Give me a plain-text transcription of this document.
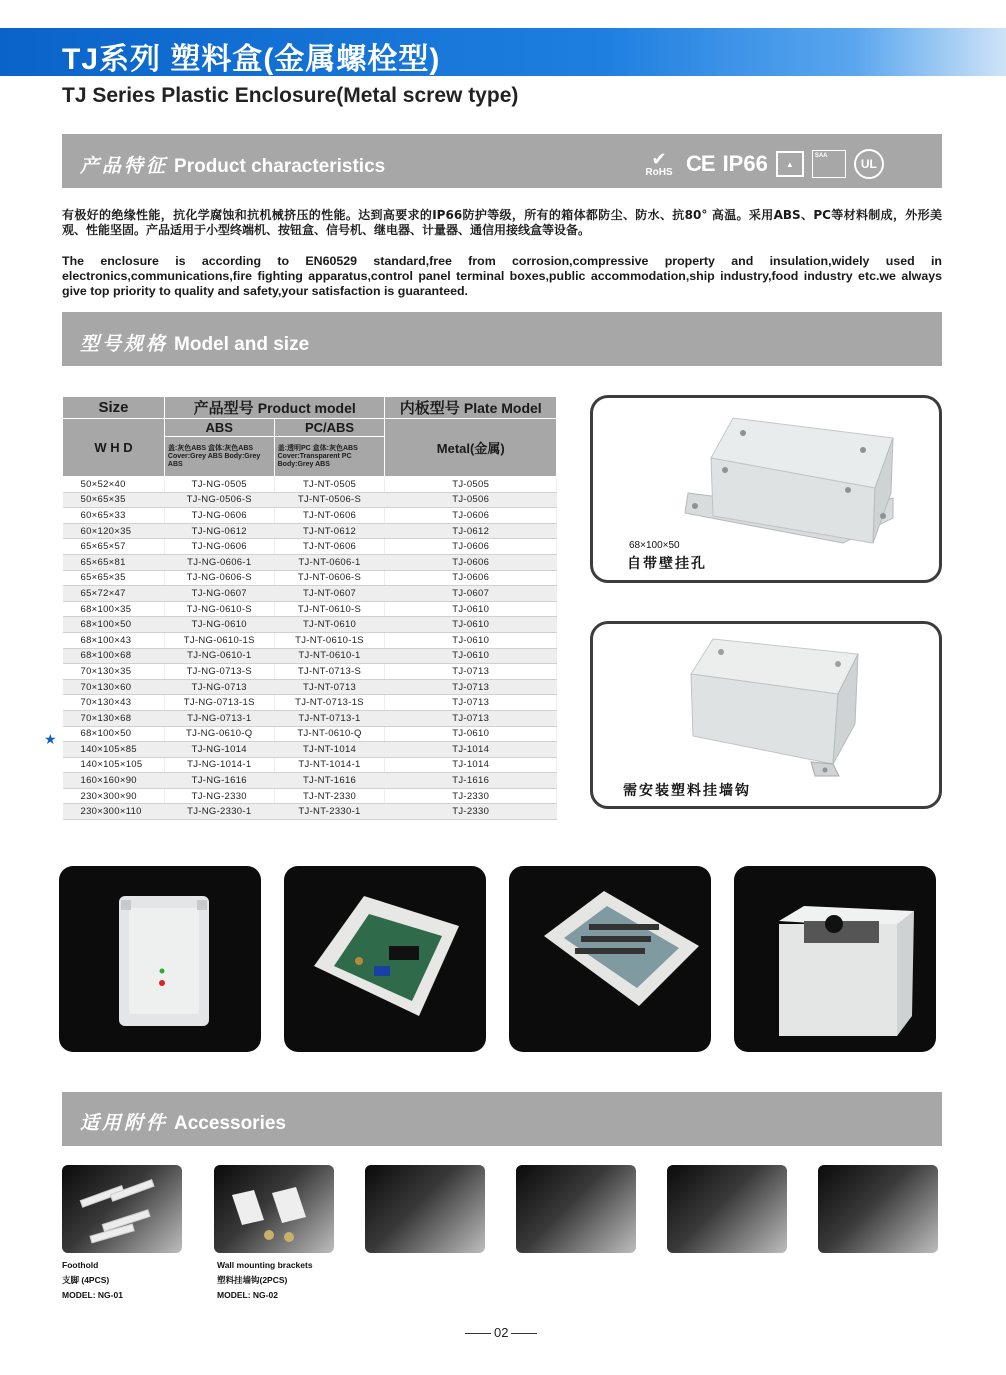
TJ系列 塑料盒(金属螺栓型)
TJ Series Plastic Enclosure(Metal screw type)
产品特征 Product characteristics	✔
RoHS CE IP66	▲
SAA
UL
有极好的绝缘性能，抗化学腐蚀和抗机械挤压的性能。达到高要求的IP66防护等级，所有的箱体都防尘、防水、抗80° 高温。采用ABS、PC等材料制成，外形美观、性能坚固。产品适用于小型终端机、按钮盒、信号机、继电器、计量器、通信用接线盒等设备。
The enclosure is according to EN60529 standard,free from corrosion,compressive property and insulation,widely used in electronics,communications,fire fighting apparatus,control panel terminal boxes,public accommodation,ship industry,food industry etc.we always give top priority to quality and safety,your satisfaction is guaranteed.
型号规格 Model and size
Size	产品型号 Product model		内板型号 Plate Model
W H D	ABS	PC/ABS	Metal(金属)
	盖:灰色ABS 盒体:灰色ABS Cover:Grey ABS Body:Grey ABS	盖:透明PC 盒体:灰色ABS Cover:Transparent PC Body:Grey ABS	
50×52×40	TJ-NG-0505	TJ-NT-0505	TJ-0505
50×65×35	TJ-NG-0506-S	TJ-NT-0506-S	TJ-0506
60×65×33	TJ-NG-0606	TJ-NT-0606	TJ-0606
60×120×35	TJ-NG-0612	TJ-NT-0612	TJ-0612
65×65×57	TJ-NG-0606	TJ-NT-0606	TJ-0606
65×65×81	TJ-NG-0606-1	TJ-NT-0606-1	TJ-0606
65×65×35	TJ-NG-0606-S	TJ-NT-0606-S	TJ-0606
65×72×47	TJ-NG-0607	TJ-NT-0607	TJ-0607
68×100×35	TJ-NG-0610-S	TJ-NT-0610-S	TJ-0610
68×100×50	TJ-NG-0610	TJ-NT-0610	TJ-0610
68×100×43	TJ-NG-0610-1S	TJ-NT-0610-1S	TJ-0610
68×100×68	TJ-NG-0610-1	TJ-NT-0610-1	TJ-0610
70×130×35	TJ-NG-0713-S	TJ-NT-0713-S	TJ-0713
70×130×60	TJ-NG-0713	TJ-NT-0713	TJ-0713
70×130×43	TJ-NG-0713-1S	TJ-NT-0713-1S	TJ-0713
70×130×68	TJ-NG-0713-1	TJ-NT-0713-1	TJ-0713
68×100×50	TJ-NG-0610-Q	TJ-NT-0610-Q	TJ-0610
140×105×85	TJ-NG-1014	TJ-NT-1014	TJ-1014
140×105×105	TJ-NG-1014-1	TJ-NT-1014-1	TJ-1014
160×160×90	TJ-NG-1616	TJ-NT-1616	TJ-1616
230×300×90	TJ-NG-2330	TJ-NT-2330	TJ-2330
230×300×110	TJ-NG-2330-1	TJ-NT-2330-1	TJ-2330
★
68×100×50
自带壁挂孔
需安装塑料挂墙钩
适用附件 Accessories
Foothold
支脚 (4PCS)
MODEL: NG-01
Wall mounting brackets
塑料挂墙钩(2PCS)
MODEL: NG-02
02
